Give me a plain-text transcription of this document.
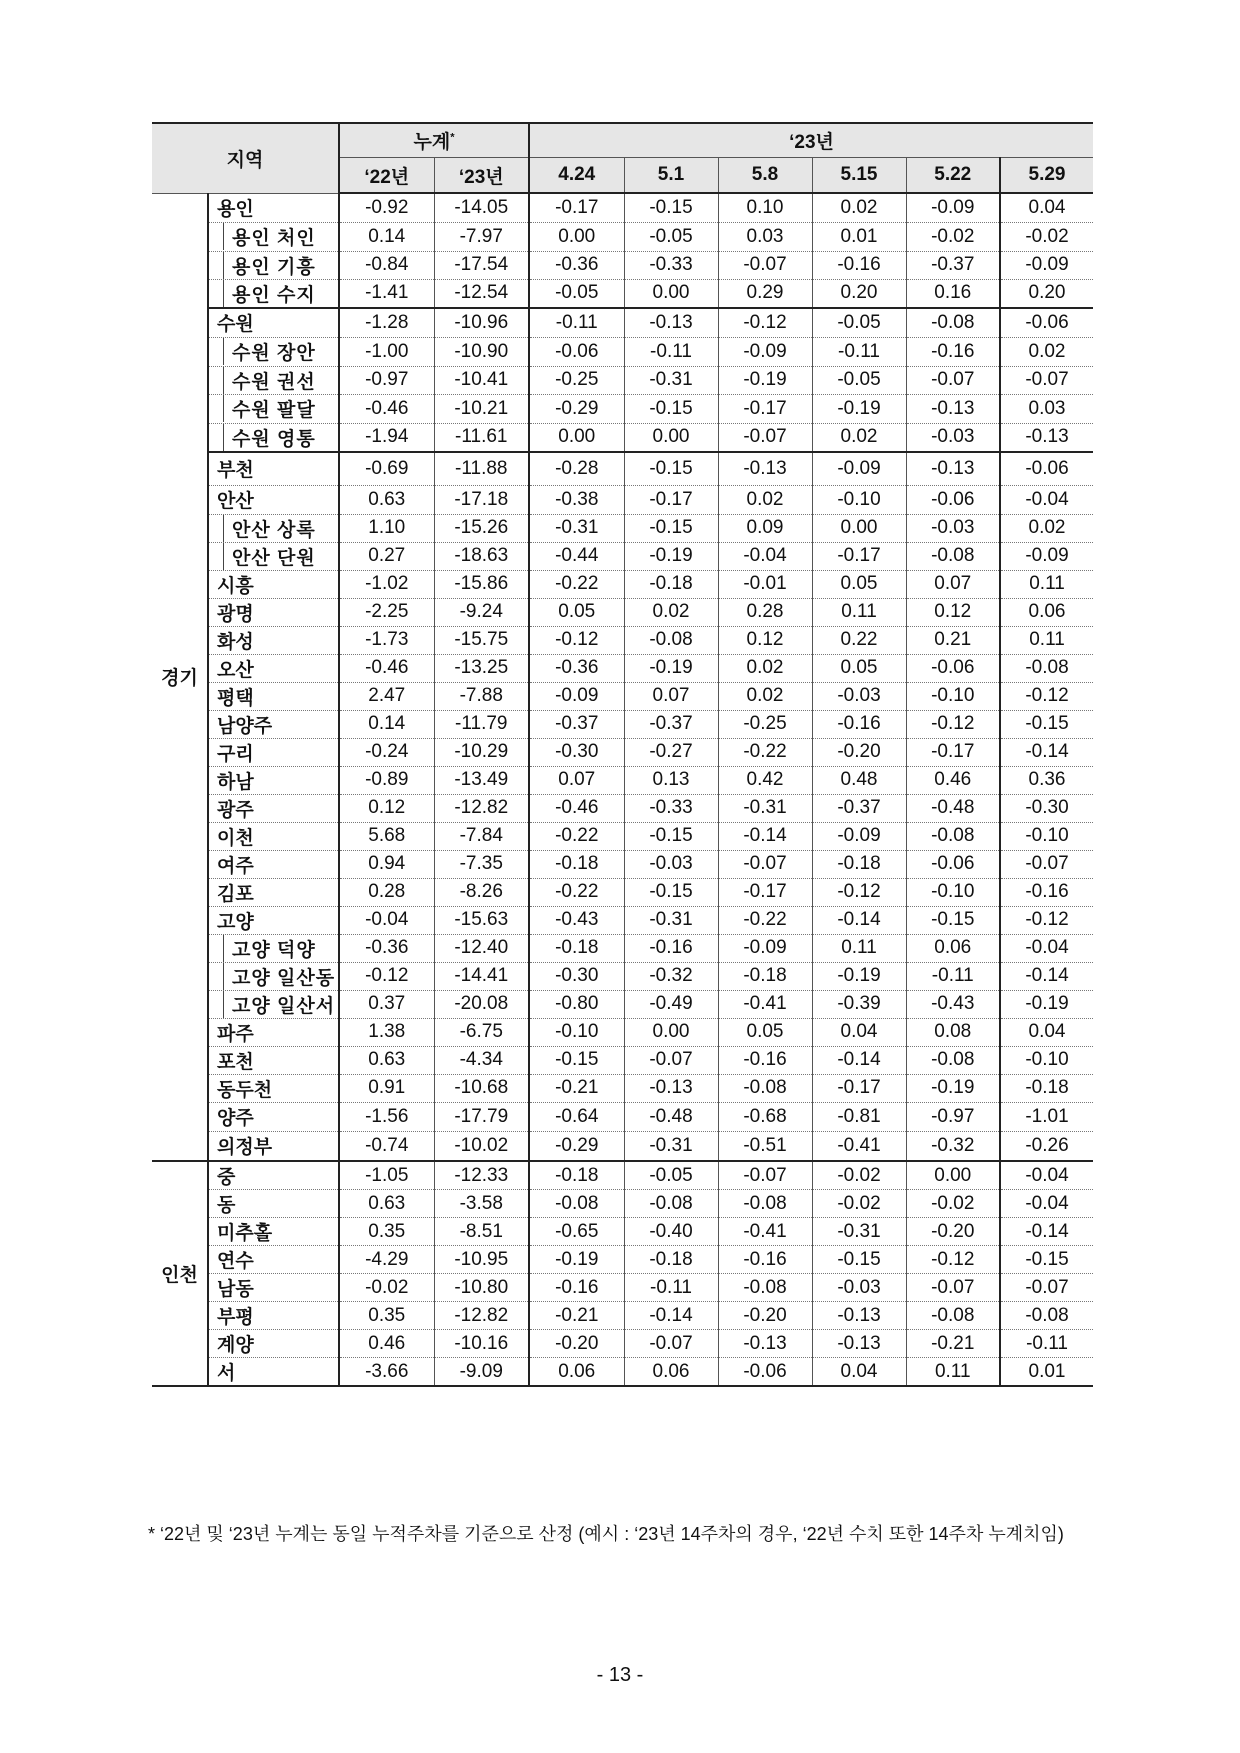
지역		누계*		‘23년					
		‘22년	‘23년	4.24	5.1	5.8	5.15	5.22	5.29
경기	용인	-0.92	-14.05	-0.17	-0.15	0.10	0.02	-0.09	0.04
	용인 처인	0.14	-7.97	0.00	-0.05	0.03	0.01	-0.02	-0.02
	용인 기흥	-0.84	-17.54	-0.36	-0.33	-0.07	-0.16	-0.37	-0.09
	용인 수지	-1.41	-12.54	-0.05	0.00	0.29	0.20	0.16	0.20
	수원	-1.28	-10.96	-0.11	-0.13	-0.12	-0.05	-0.08	-0.06
	수원 장안	-1.00	-10.90	-0.06	-0.11	-0.09	-0.11	-0.16	0.02
	수원 권선	-0.97	-10.41	-0.25	-0.31	-0.19	-0.05	-0.07	-0.07
	수원 팔달	-0.46	-10.21	-0.29	-0.15	-0.17	-0.19	-0.13	0.03
	수원 영통	-1.94	-11.61	0.00	0.00	-0.07	0.02	-0.03	-0.13
	부천	-0.69	-11.88	-0.28	-0.15	-0.13	-0.09	-0.13	-0.06
	안산	0.63	-17.18	-0.38	-0.17	0.02	-0.10	-0.06	-0.04
	안산 상록	1.10	-15.26	-0.31	-0.15	0.09	0.00	-0.03	0.02
	안산 단원	0.27	-18.63	-0.44	-0.19	-0.04	-0.17	-0.08	-0.09
	시흥	-1.02	-15.86	-0.22	-0.18	-0.01	0.05	0.07	0.11
	광명	-2.25	-9.24	0.05	0.02	0.28	0.11	0.12	0.06
	화성	-1.73	-15.75	-0.12	-0.08	0.12	0.22	0.21	0.11
	오산	-0.46	-13.25	-0.36	-0.19	0.02	0.05	-0.06	-0.08
	평택	2.47	-7.88	-0.09	0.07	0.02	-0.03	-0.10	-0.12
	남양주	0.14	-11.79	-0.37	-0.37	-0.25	-0.16	-0.12	-0.15
	구리	-0.24	-10.29	-0.30	-0.27	-0.22	-0.20	-0.17	-0.14
	하남	-0.89	-13.49	0.07	0.13	0.42	0.48	0.46	0.36
	광주	0.12	-12.82	-0.46	-0.33	-0.31	-0.37	-0.48	-0.30
	이천	5.68	-7.84	-0.22	-0.15	-0.14	-0.09	-0.08	-0.10
	여주	0.94	-7.35	-0.18	-0.03	-0.07	-0.18	-0.06	-0.07
	김포	0.28	-8.26	-0.22	-0.15	-0.17	-0.12	-0.10	-0.16
	고양	-0.04	-15.63	-0.43	-0.31	-0.22	-0.14	-0.15	-0.12
	고양 덕양	-0.36	-12.40	-0.18	-0.16	-0.09	0.11	0.06	-0.04
	고양 일산동	-0.12	-14.41	-0.30	-0.32	-0.18	-0.19	-0.11	-0.14
	고양 일산서	0.37	-20.08	-0.80	-0.49	-0.41	-0.39	-0.43	-0.19
	파주	1.38	-6.75	-0.10	0.00	0.05	0.04	0.08	0.04
	포천	0.63	-4.34	-0.15	-0.07	-0.16	-0.14	-0.08	-0.10
	동두천	0.91	-10.68	-0.21	-0.13	-0.08	-0.17	-0.19	-0.18
	양주	-1.56	-17.79	-0.64	-0.48	-0.68	-0.81	-0.97	-1.01
	의정부	-0.74	-10.02	-0.29	-0.31	-0.51	-0.41	-0.32	-0.26
인천	중	-1.05	-12.33	-0.18	-0.05	-0.07	-0.02	0.00	-0.04
	동	0.63	-3.58	-0.08	-0.08	-0.08	-0.02	-0.02	-0.04
	미추홀	0.35	-8.51	-0.65	-0.40	-0.41	-0.31	-0.20	-0.14
	연수	-4.29	-10.95	-0.19	-0.18	-0.16	-0.15	-0.12	-0.15
	남동	-0.02	-10.80	-0.16	-0.11	-0.08	-0.03	-0.07	-0.07
	부평	0.35	-12.82	-0.21	-0.14	-0.20	-0.13	-0.08	-0.08
	계양	0.46	-10.16	-0.20	-0.07	-0.13	-0.13	-0.21	-0.11
	서	-3.66	-9.09	0.06	0.06	-0.06	0.04	0.11	0.01
* ‘22년 및 ‘23년 누계는 동일 누적주차를 기준으로 산정 (예시 : ‘23년 14주차의 경우, ‘22년 수치 또한 14주차 누계치임)
- 13 -
